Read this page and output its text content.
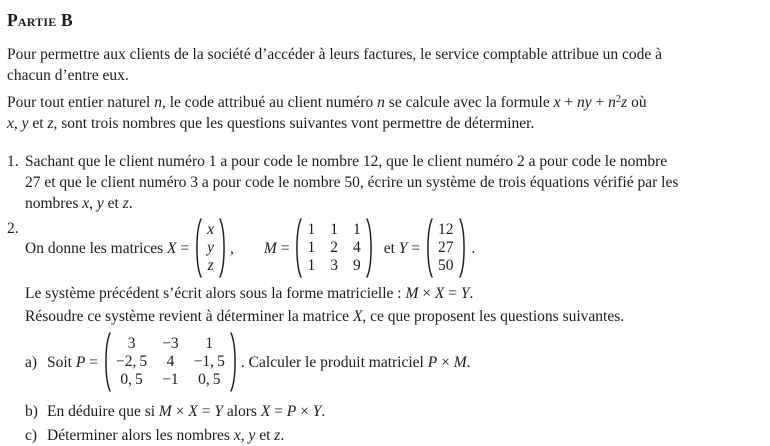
Partie B
Pour permettre aux clients de la société d’accéder à leurs factures, le service comptable attribue un code à
chacun d’entre eux.
Pour tout entier naturel n, le code attribué au client numéro n se calcule avec la formule x + ny + $n^2z$ où
x, y et z, sont trois nombres que les questions suivantes vont permettre de déterminer.
1. Sachant que le client numéro 1 a pour code le nombre 12, que le client numéro 2 a pour code le nombre
27 et que le client numéro 3 a pour code le nombre 50, écrire un système de trois équations vérifié par les
nombres x, y et z.
2.
On donne les matrices X =
x
y
z
, M =
1 1 1
1 2 4
1 3 9
et Y =
12
27
50
.
Le système précédent s’écrit alors sous la forme matricielle : M × X = Y.
Résoudre ce système revient à déterminer la matrice X, ce que proposent les questions suivantes.
a) Soit P =
3 −3 1
−2, 5 4 −1, 5
0, 5 −1 0, 5
. Calculer le produit matriciel P × M.
b) En déduire que si M × X = Y alors X = P × Y.
c) Déterminer alors les nombres x, y et z.
